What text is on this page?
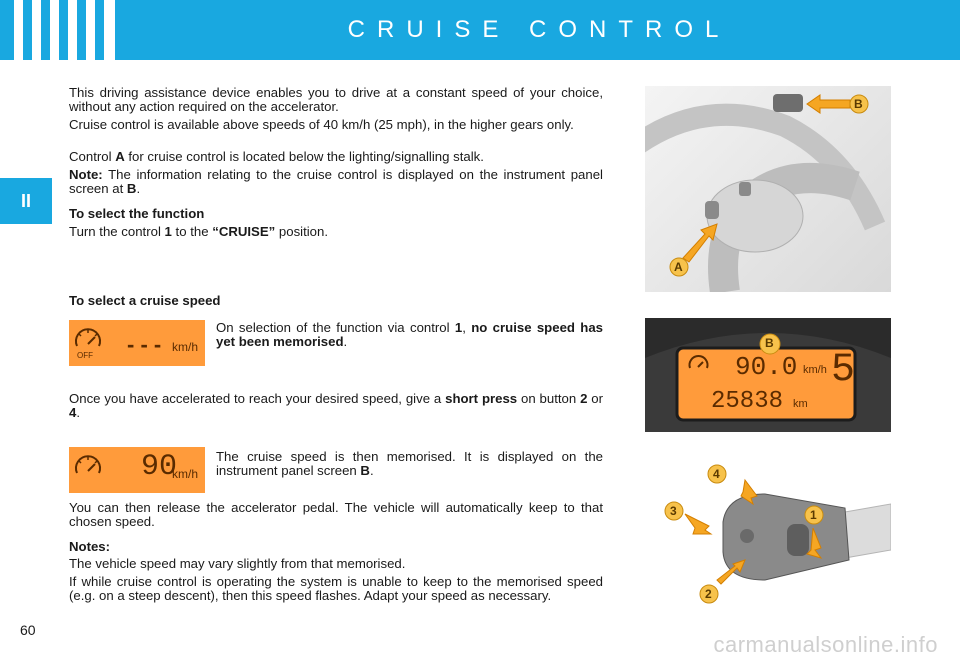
CRUISE CONTROL
II

This driving assistance device enables you to drive at a constant speed of your choice, without any action required on the accelerator.

Cruise control is available above speeds of 40 km/h (25 mph), in the higher gears only.

Control A for cruise control is located below the lighting/signalling stalk.

Note: The information relating to the cruise control is displayed on the instrument panel screen at B.

To select the function

Turn the control 1 to the “CRUISE” position.

To select a cruise speed

OFF - - - km/h

On selection of the function via control 1, no cruise speed has yet been memorised.

Once you have accelerated to reach your desired speed, give a short press on button 2 or 4.

90
km/h

The cruise speed is then memorised. It is displayed on the instrument panel screen B.

You can then release the accelerator pedal. The vehicle will automatically keep to that chosen speed.

Notes:

The vehicle speed may vary slightly from that memorised.

If while cruise control is operating the system is unable to keep to the memorised speed (e.g. on a steep descent), then this speed flashes. Adapt your speed as necessary.

B
A
B
90.0 km/h 5
25838 km
4
3	1
2
60
carmanualsonline.info
